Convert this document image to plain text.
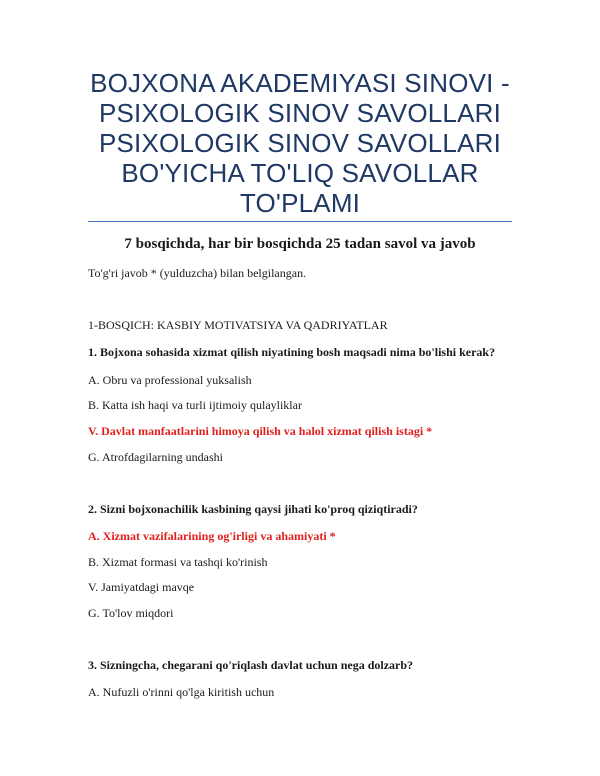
BOJXONA AKADEMIYASI SINOVI -
PSIXOLOGIK SINOV SAVOLLARI
PSIXOLOGIK SINOV SAVOLLARI
BO'YICHA TO'LIQ SAVOLLAR
TO'PLAMI
7 bosqichda, har bir bosqichda 25 tadan savol va javob
To'g'ri javob * (yulduzcha) bilan belgilangan.
1-BOSQICH: KASBIY MOTIVATSIYA VA QADRIYATLAR
1. Bojxona sohasida xizmat qilish niyatining bosh maqsadi nima bo'lishi kerak?
A. Obru va professional yuksalish
B. Katta ish haqi va turli ijtimoiy qulayliklar
V. Davlat manfaatlarini himoya qilish va halol xizmat qilish istagi *
G. Atrofdagilarning undashi
2. Sizni bojxonachilik kasbining qaysi jihati ko'proq qiziqtiradi?
A. Xizmat vazifalarining og'irligi va ahamiyati *
B. Xizmat formasi va tashqi ko'rinish
V. Jamiyatdagi mavqe
G. To'lov miqdori
3. Sizningcha, chegarani qo'riqlash davlat uchun nega dolzarb?
A. Nufuzli o'rinni qo'lga kiritish uchun
